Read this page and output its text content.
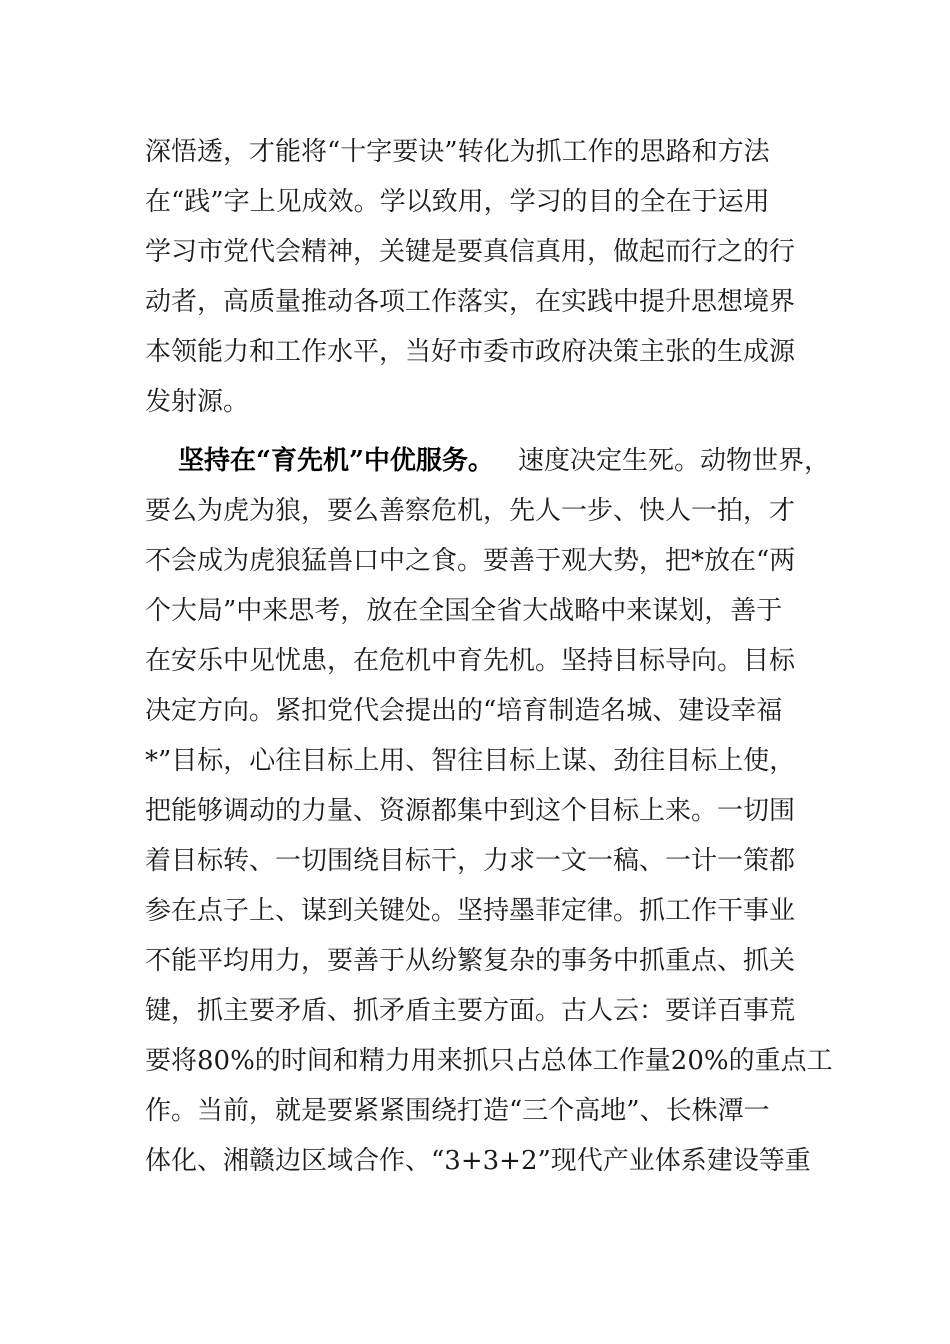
深悟透，才能将“十字要诀”转化为抓工作的思路和方法
在“践”字上见成效。学以致用，学习的目的全在于运用
学习市党代会精神，关键是要真信真用，做起而行之的行
动者，高质量推动各项工作落实，在实践中提升思想境界
本领能力和工作水平，当好市委市政府决策主张的生成源
发射源。
坚持在“育先机”中优服务。 速度决定生死。动物世界，
要么为虎为狼，要么善察危机，先人一步、快人一拍，才
不会成为虎狼猛兽口中之食。要善于观大势，把*放在“两
个大局”中来思考，放在全国全省大战略中来谋划，善于
在安乐中见忧患，在危机中育先机。坚持目标导向。目标
决定方向。紧扣党代会提出的“培育制造名城、建设幸福
*”目标，心往目标上用、智往目标上谋、劲往目标上使，
把能够调动的力量、资源都集中到这个目标上来。一切围
着目标转、一切围绕目标干，力求一文一稿、一计一策都
参在点子上、谋到关键处。坚持墨菲定律。抓工作干事业
不能平均用力，要善于从纷繁复杂的事务中抓重点、抓关
键，抓主要矛盾、抓矛盾主要方面。古人云：要详百事荒
要将80%的时间和精力用来抓只占总体工作量20%的重点工
作。当前，就是要紧紧围绕打造“三个高地”、长株潭一
体化、湘赣边区域合作、“3+3+2”现代产业体系建设等重
